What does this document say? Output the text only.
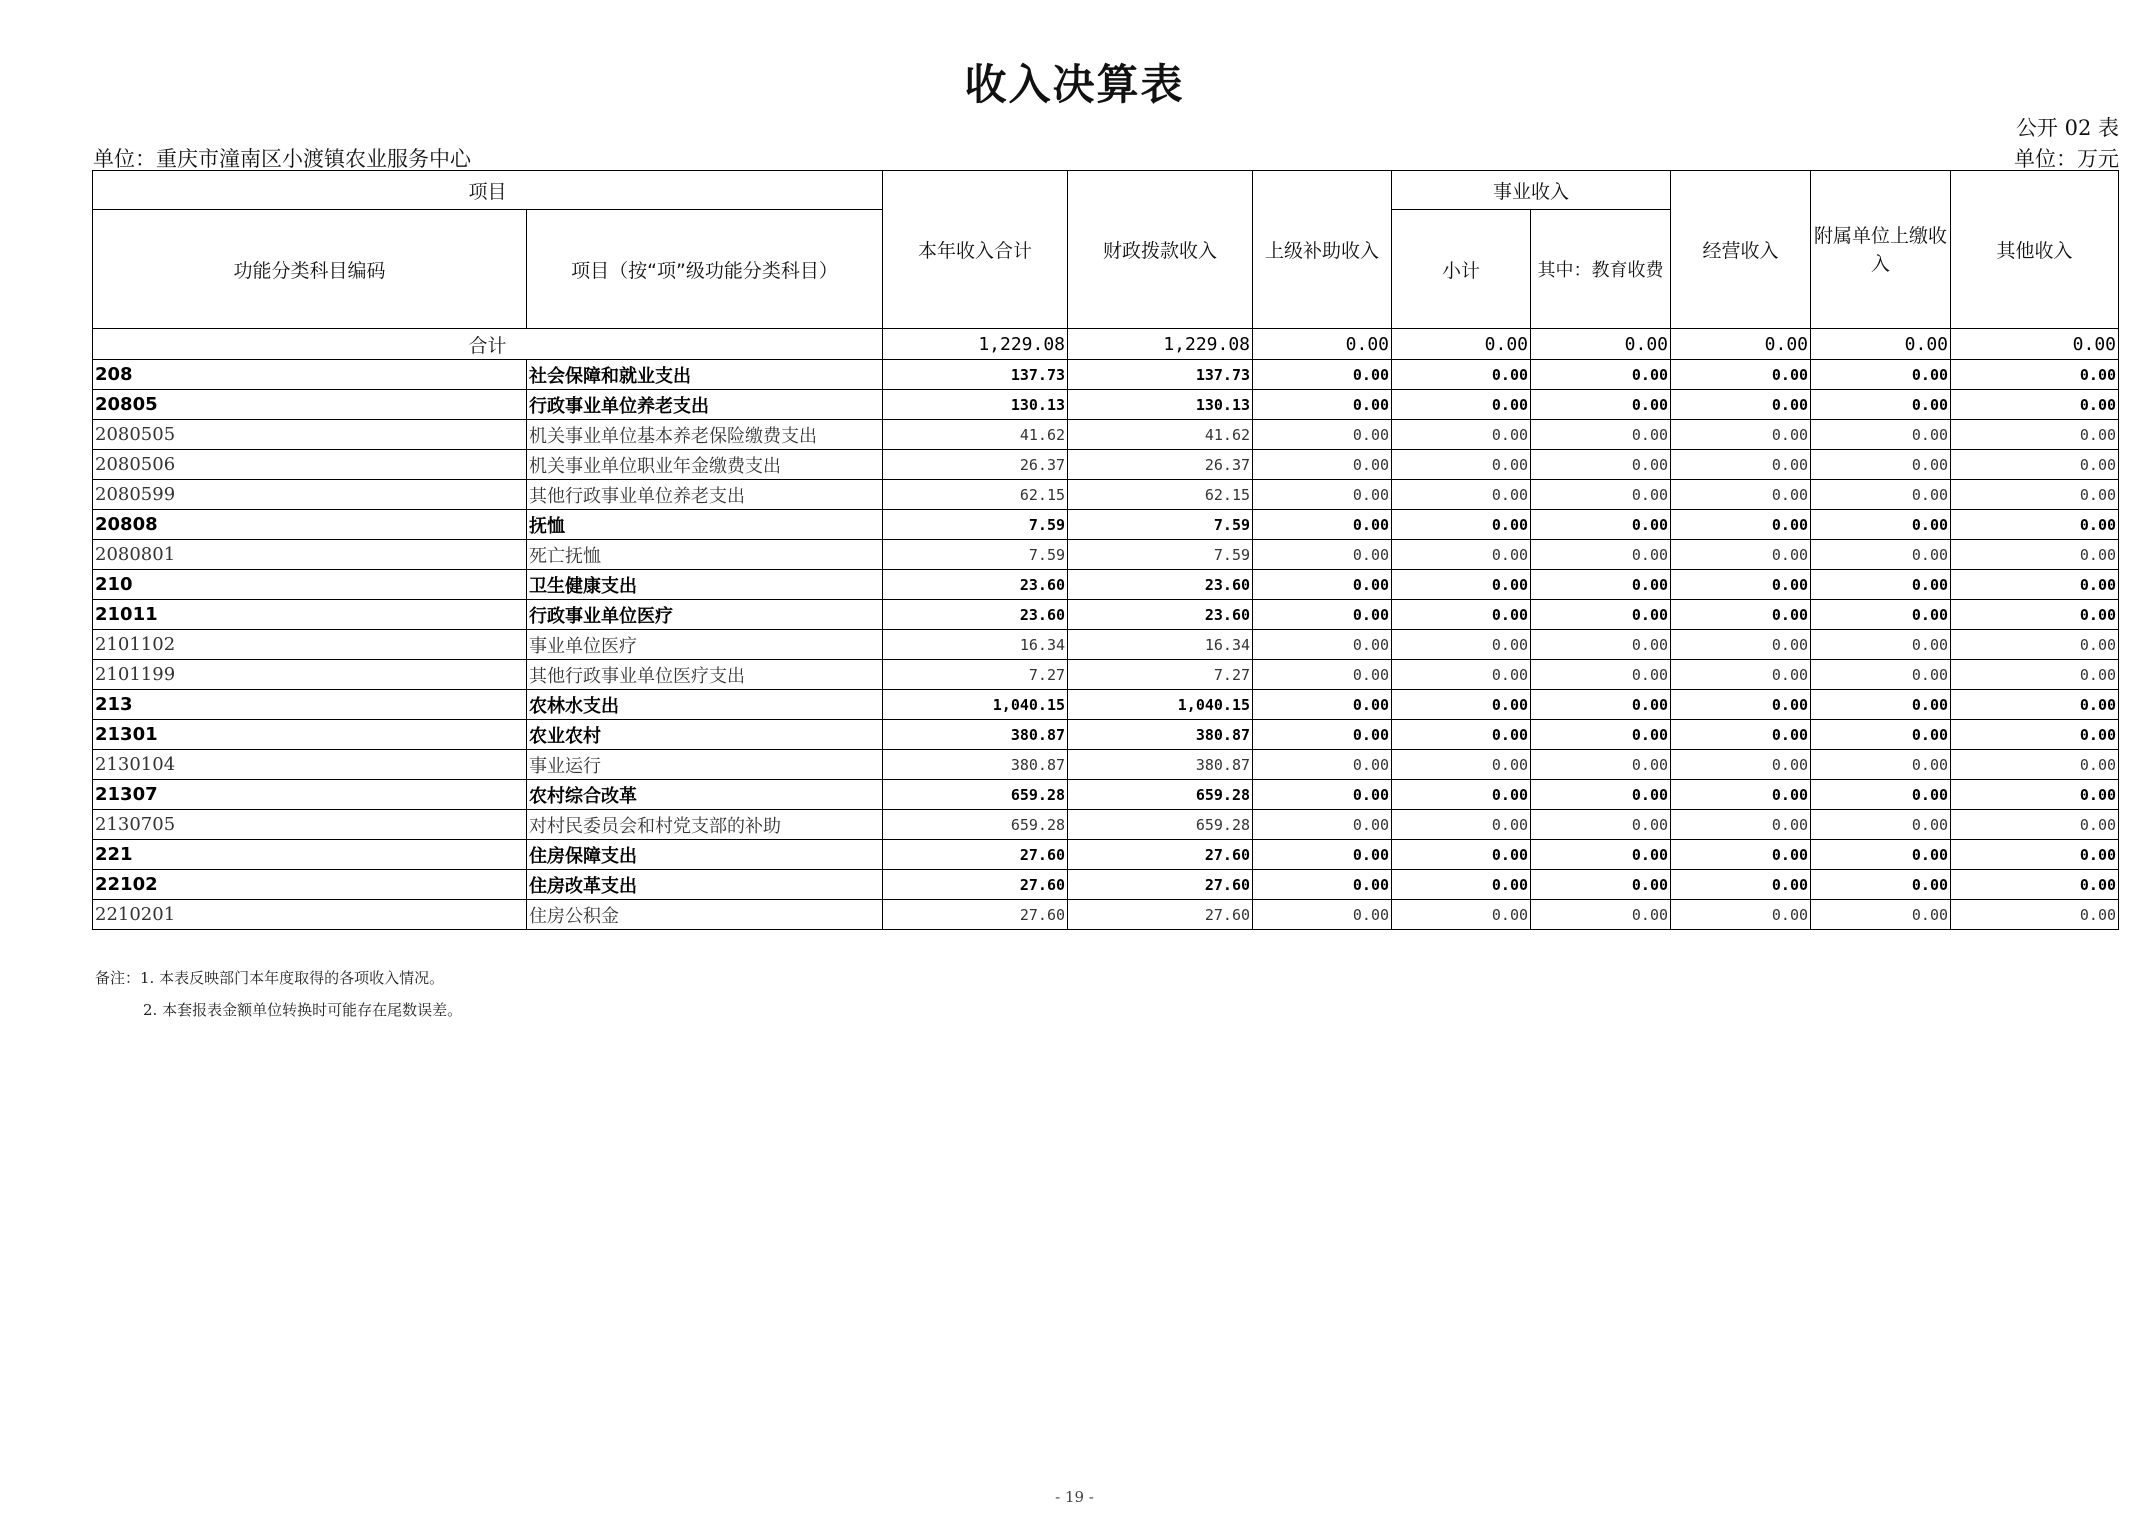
收入决算表
公开 02 表
单位：重庆市潼南区小渡镇农业服务中心	单位：万元
项目		本年收入合计	财政拨款收入	上级补助收入	事业收入		经营收入	附属单位上缴收入	其他收入
功能分类科目编码	项目（按“项”级功能分类科目）				小计	其中：教育收费			
合计		1,229.08	1,229.08	0.00	0.00	0.00	0.00	0.00	0.00
208	社会保障和就业支出	137.73	137.73	0.00	0.00	0.00	0.00	0.00	0.00
20805	行政事业单位养老支出	130.13	130.13	0.00	0.00	0.00	0.00	0.00	0.00
2080505	机关事业单位基本养老保险缴费支出	41.62	41.62	0.00	0.00	0.00	0.00	0.00	0.00
2080506	机关事业单位职业年金缴费支出	26.37	26.37	0.00	0.00	0.00	0.00	0.00	0.00
2080599	其他行政事业单位养老支出	62.15	62.15	0.00	0.00	0.00	0.00	0.00	0.00
20808	抚恤	7.59	7.59	0.00	0.00	0.00	0.00	0.00	0.00
2080801	死亡抚恤	7.59	7.59	0.00	0.00	0.00	0.00	0.00	0.00
210	卫生健康支出	23.60	23.60	0.00	0.00	0.00	0.00	0.00	0.00
21011	行政事业单位医疗	23.60	23.60	0.00	0.00	0.00	0.00	0.00	0.00
2101102	事业单位医疗	16.34	16.34	0.00	0.00	0.00	0.00	0.00	0.00
2101199	其他行政事业单位医疗支出	7.27	7.27	0.00	0.00	0.00	0.00	0.00	0.00
213	农林水支出	1,040.15	1,040.15	0.00	0.00	0.00	0.00	0.00	0.00
21301	农业农村	380.87	380.87	0.00	0.00	0.00	0.00	0.00	0.00
2130104	事业运行	380.87	380.87	0.00	0.00	0.00	0.00	0.00	0.00
21307	农村综合改革	659.28	659.28	0.00	0.00	0.00	0.00	0.00	0.00
2130705	对村民委员会和村党支部的补助	659.28	659.28	0.00	0.00	0.00	0.00	0.00	0.00
221	住房保障支出	27.60	27.60	0.00	0.00	0.00	0.00	0.00	0.00
22102	住房改革支出	27.60	27.60	0.00	0.00	0.00	0.00	0.00	0.00
2210201	住房公积金	27.60	27.60	0.00	0.00	0.00	0.00	0.00	0.00
备注：1. 本表反映部门本年度取得的各项收入情况。
2. 本套报表金额单位转换时可能存在尾数误差。
- 19 -
